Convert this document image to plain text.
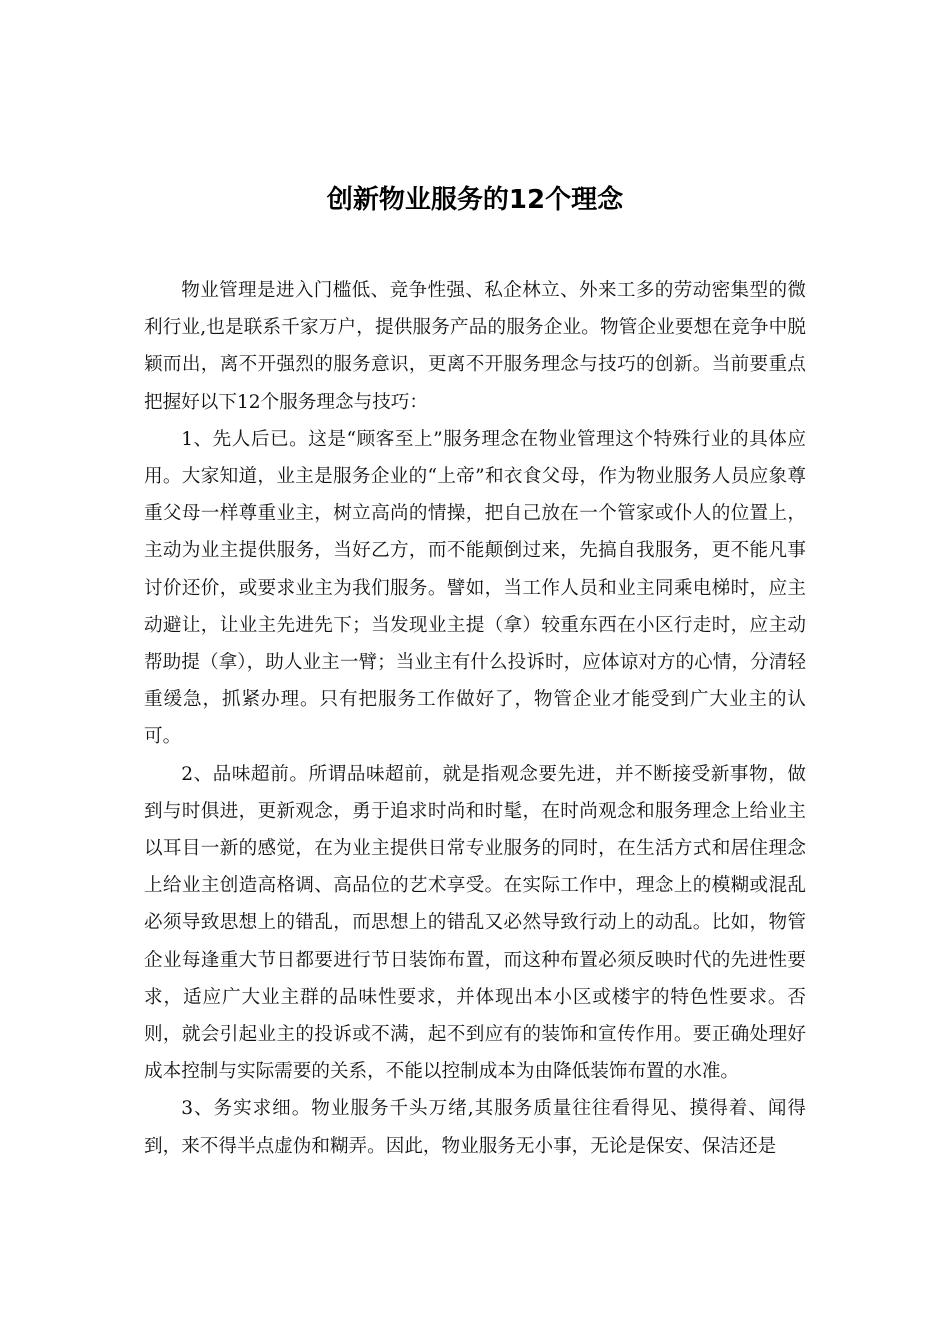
创新物业服务的12个理念

物业管理是进入门槛低、竞争性强、私企林立、外来工多的劳动密集型的微利行业,也是联系千家万户，提供服务产品的服务企业。物管企业要想在竞争中脱颖而出，离不开强烈的服务意识，更离不开服务理念与技巧的创新。当前要重点把握好以下12个服务理念与技巧：

1、先人后已。这是“顾客至上”服务理念在物业管理这个特殊行业的具体应用。大家知道，业主是服务企业的“上帝”和衣食父母，作为物业服务人员应象尊重父母一样尊重业主，树立高尚的情操，把自己放在一个管家或仆人的位置上，主动为业主提供服务，当好乙方，而不能颠倒过来，先搞自我服务，更不能凡事讨价还价，或要求业主为我们服务。譬如，当工作人员和业主同乘电梯时，应主动避让，让业主先进先下；当发现业主提（拿）较重东西在小区行走时，应主动帮助提（拿），助人业主一臂；当业主有什么投诉时，应体谅对方的心情，分清轻重缓急，抓紧办理。只有把服务工作做好了，物管企业才能受到广大业主的认可。

2、品味超前。所谓品味超前，就是指观念要先进，并不断接受新事物，做到与时俱进，更新观念，勇于追求时尚和时髦，在时尚观念和服务理念上给业主以耳目一新的感觉，在为业主提供日常专业服务的同时，在生活方式和居住理念上给业主创造高格调、高品位的艺术享受。在实际工作中，理念上的模糊或混乱必须导致思想上的错乱，而思想上的错乱又必然导致行动上的动乱。比如，物管企业每逢重大节日都要进行节日装饰布置，而这种布置必须反映时代的先进性要求，适应广大业主群的品味性要求，并体现出本小区或楼宇的特色性要求。否则，就会引起业主的投诉或不满，起不到应有的装饰和宣传作用。要正确处理好成本控制与实际需要的关系，不能以控制成本为由降低装饰布置的水准。

3、务实求细。物业服务千头万绪,其服务质量往往看得见、摸得着、闻得到，来不得半点虚伪和糊弄。因此，物业服务无小事，无论是保安、保洁还是
